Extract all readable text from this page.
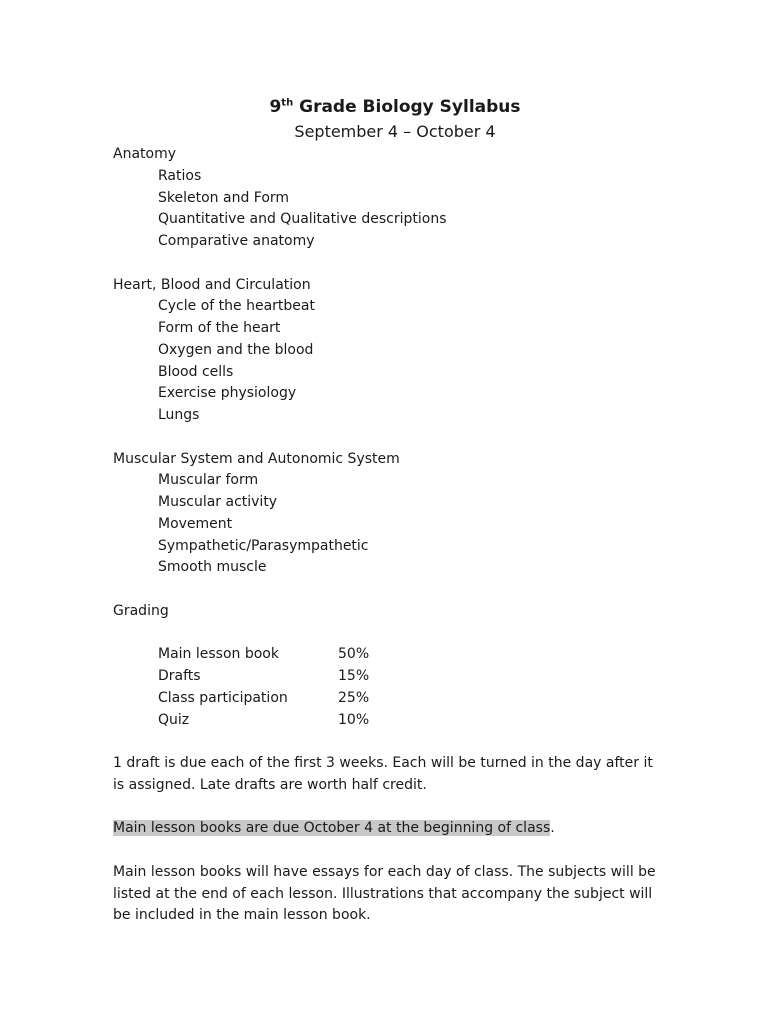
9th Grade Biology Syllabus
September 4 – October 4
Anatomy
Ratios
Skeleton and Form
Quantitative and Qualitative descriptions
Comparative anatomy
Heart, Blood and Circulation
Cycle of the heartbeat
Form of the heart
Oxygen and the blood
Blood cells
Exercise physiology
Lungs
Muscular System and Autonomic System
Muscular form
Muscular activity
Movement
Sympathetic/Parasympathetic
Smooth muscle
Grading
Main lesson book	50%
Drafts	15%
Class participation	25%
Quiz	10%
1 draft is due each of the first 3 weeks. Each will be turned in the day after it
is assigned. Late drafts are worth half credit.
Main lesson books are due October 4 at the beginning of class.
Main lesson books will have essays for each day of class. The subjects will be
listed at the end of each lesson. Illustrations that accompany the subject will
be included in the main lesson book.
